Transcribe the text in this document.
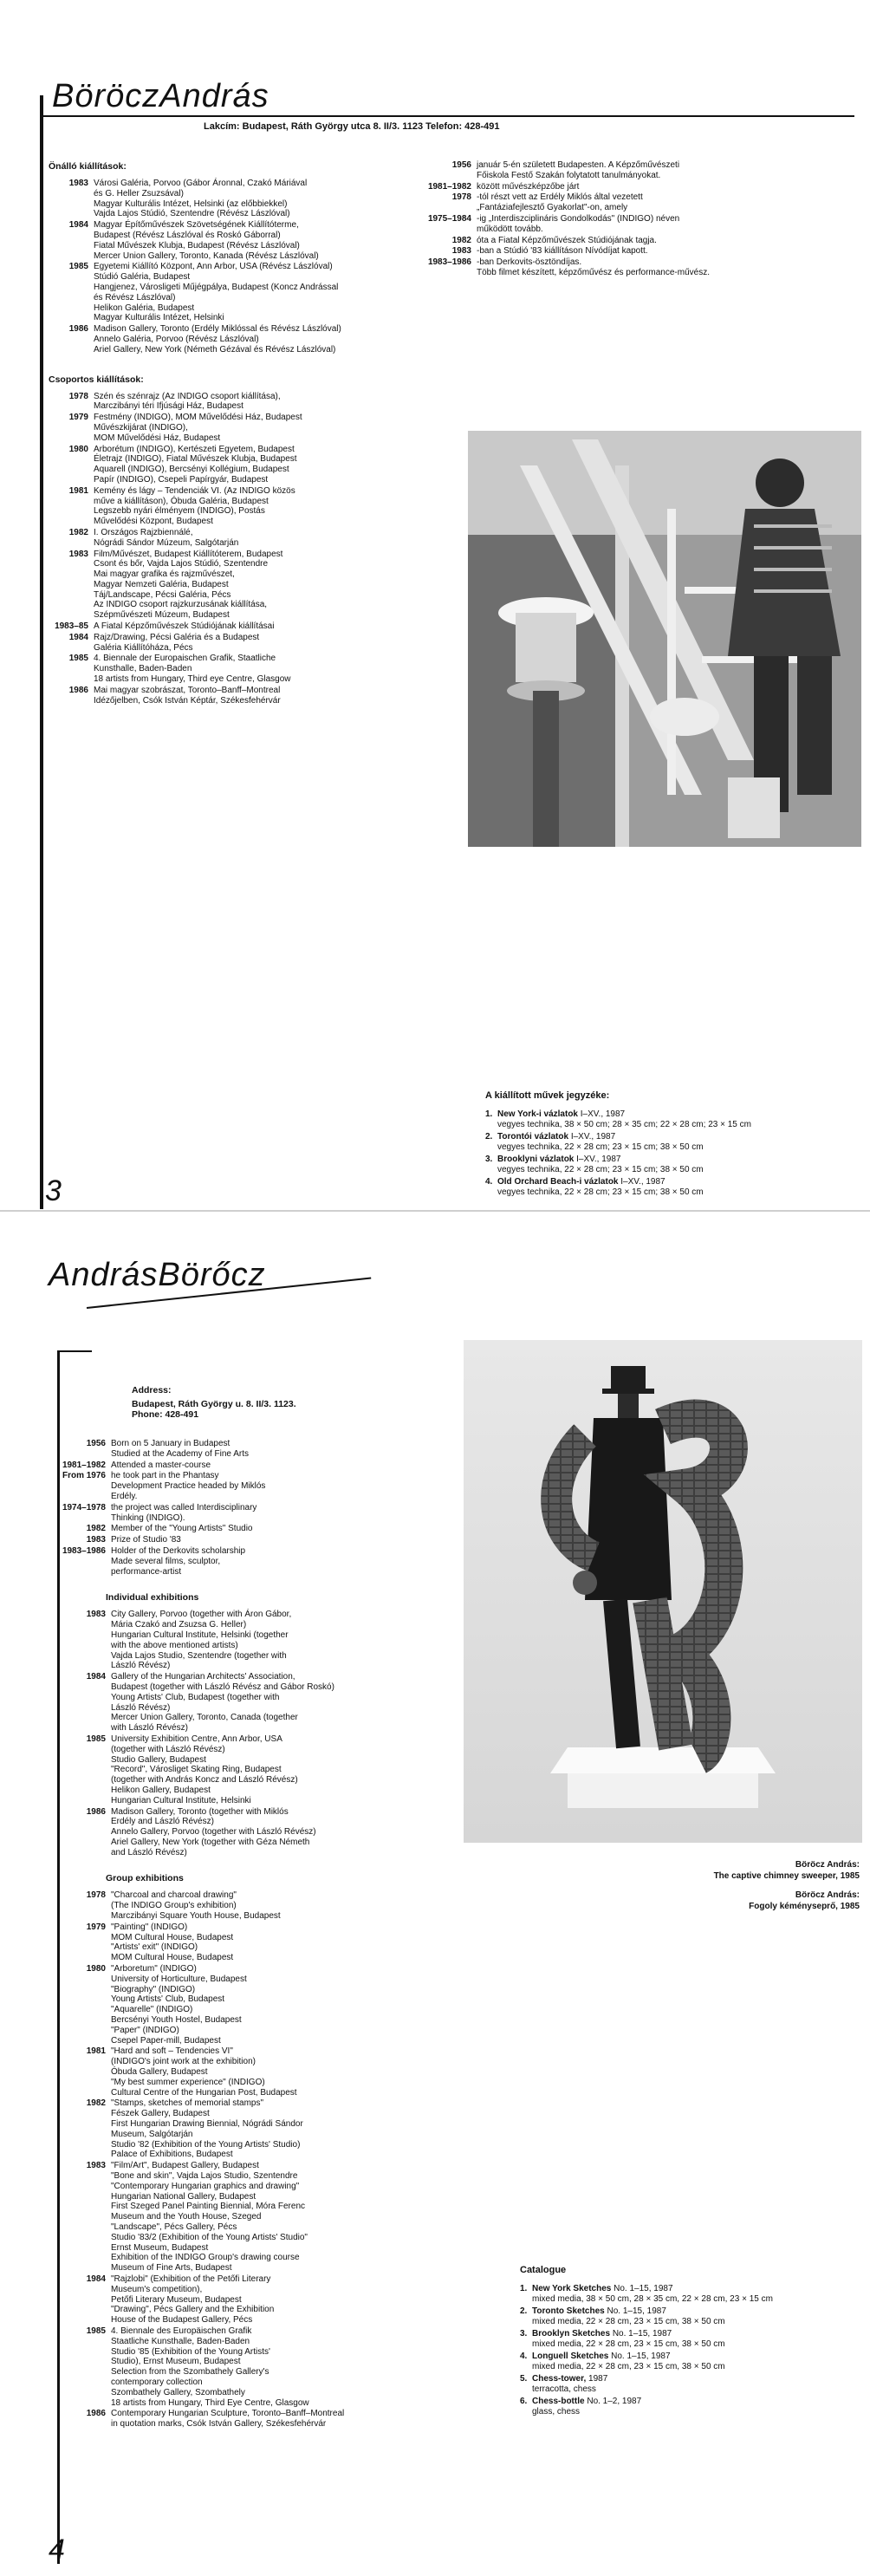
BöröczAndrás
Lakcím: Budapest, Ráth György utca 8. II/3. 1123 Telefon: 428-491
Önálló kiállítások:
1983 Városi Galéria, Porvoo (Gábor Áronnal, Czakó Máriával
és G. Heller Zsuzsával)
Magyar Kulturális Intézet, Helsinki (az előbbiekkel)
Vajda Lajos Stúdió, Szentendre (Révész Lászlóval)
1984 Magyar Építőművészek Szövetségének Kiállítóterme,
Budapest (Révész Lászlóval és Roskó Gáborral)
Fiatal Művészek Klubja, Budapest (Révész Lászlóval)
Mercer Union Gallery, Toronto, Kanada (Révész Lászlóval)
1985 Egyetemi Kiállító Központ, Ann Arbor, USA (Révész Lászlóval)
Stúdió Galéria, Budapest
Hangjenez, Városligeti Műjégpálya, Budapest (Koncz Andrással
és Révész Lászlóval)
Helikon Galéria, Budapest
Magyar Kulturális Intézet, Helsinki
1986 Madison Gallery, Toronto (Erdély Miklóssal és Révész Lászlóval)
Annelo Galéria, Porvoo (Révész Lászlóval)
Ariel Gallery, New York (Németh Gézával és Révész Lászlóval)
Csoportos kiállítások:
1978 Szén és szénrajz (Az INDIGO csoport kiállítása),
Marczibányi téri Ifjúsági Ház, Budapest
1979 Festmény (INDIGO), MOM Művelődési Ház, Budapest
Művészkijárat (INDIGO),
MOM Művelődési Ház, Budapest
1980 Arborétum (INDIGO), Kertészeti Egyetem, Budapest
Életrajz (INDIGO), Fiatal Művészek Klubja, Budapest
Aquarell (INDIGO), Bercsényi Kollégium, Budapest
Papír (INDIGO), Csepeli Papírgyár, Budapest
1981 Kemény és lágy – Tendenciák VI. (Az INDIGO közös
műve a kiállításon), Óbuda Galéria, Budapest
Legszebb nyári élményem (INDIGO), Postás
Művelődési Központ, Budapest
1982 I. Országos Rajzbiennálé,
Nógrádi Sándor Múzeum, Salgótarján
1983 Film/Művészet, Budapest Kiállítóterem, Budapest
Csont és bőr, Vajda Lajos Stúdió, Szentendre
Mai magyar grafika és rajzművészet,
Magyar Nemzeti Galéria, Budapest
Táj/Landscape, Pécsi Galéria, Pécs
Az INDIGO csoport rajzkurzusának kiállítása,
Szépművészeti Múzeum, Budapest
1983–85 A Fiatal Képzőművészek Stúdiójának kiállításai
1984 Rajz/Drawing, Pécsi Galéria és a Budapest
Galéria Kiállítóháza, Pécs
1985 4. Biennale der Europaischen Grafik, Staatliche
Kunsthalle, Baden-Baden
18 artists from Hungary, Third eye Centre, Glasgow
1986 Mai magyar szobrászat, Toronto–Banff–Montreal
Idézőjelben, Csók István Képtár, Székesfehérvár
1956 január 5-én született Budapesten. A Képzőművészeti
Főiskola Festő Szakán folytatott tanulmányokat.
1981–1982 között művészképzőbe járt
1978 -tól részt vett az Erdély Miklós által vezetett
„Fantáziafejlesztő Gyakorlat"-on, amely
1975–1984 -ig „Interdiszciplináris Gondolkodás" (INDIGO) néven
működött tovább.
1982 óta a Fiatal Képzőművészek Stúdiójának tagja.
1983 -ban a Stúdió '83 kiállításon Nívódíjat kapott.
1983–1986 -ban Derkovits-ösztöndíjas.
Több filmet készített, képzőművész és performance-művész.
A kiállított művek jegyzéke:
1. New York-i vázlatok I–XV., 1987
vegyes technika, 38 × 50 cm; 28 × 35 cm; 22 × 28 cm; 23 × 15 cm
2. Torontói vázlatok I–XV., 1987
vegyes technika, 22 × 28 cm; 23 × 15 cm; 38 × 50 cm
3. Brooklyni vázlatok I–XV., 1987
vegyes technika, 22 × 28 cm; 23 × 15 cm; 38 × 50 cm
4. Old Orchard Beach-i vázlatok I–XV., 1987
vegyes technika, 22 × 28 cm; 23 × 15 cm; 38 × 50 cm
3
AndrásBörőcz
Address:
Budapest, Ráth György u. 8. II/3. 1123.
Phone: 428-491
1956 Born on 5 January in Budapest
Studied at the Academy of Fine Arts
1981–1982 Attended a master-course
From 1976 he took part in the Phantasy
Development Practice headed by Miklós
Erdély.
1974–1978 the project was called Interdisciplinary
Thinking (INDIGO).
1982 Member of the "Young Artists" Studio
1983 Prize of Studio '83
1983–1986 Holder of the Derkovits scholarship
Made several films, sculptor,
performance-artist
Individual exhibitions
1983 City Gallery, Porvoo (together with Áron Gábor,
Mária Czakó and Zsuzsa G. Heller)
Hungarian Cultural Institute, Helsinki (together
with the above mentioned artists)
Vajda Lajos Studio, Szentendre (together with
László Révész)
1984 Gallery of the Hungarian Architects' Association,
Budapest (together with László Révész and Gábor Roskó)
Young Artists' Club, Budapest (together with
László Révész)
Mercer Union Gallery, Toronto, Canada (together
with László Révész)
1985 University Exhibition Centre, Ann Arbor, USA
(together with László Révész)
Studio Gallery, Budapest
"Record", Városliget Skating Ring, Budapest
(together with András Koncz and László Révész)
Helikon Gallery, Budapest
Hungarian Cultural Institute, Helsinki
1986 Madison Gallery, Toronto (together with Miklós
Erdély and László Révész)
Annelo Gallery, Porvoo (together with László Révész)
Ariel Gallery, New York (together with Géza Németh
and László Révész)
Group exhibitions
1978 "Charcoal and charcoal drawing"
(The INDIGO Group's exhibition)
Marczibányi Square Youth House, Budapest
1979 "Painting" (INDIGO)
MOM Cultural House, Budapest
"Artists' exit" (INDIGO)
MOM Cultural House, Budapest
1980 "Arboretum" (INDIGO)
University of Horticulture, Budapest
"Biography" (INDIGO)
Young Artists' Club, Budapest
"Aquarelle" (INDIGO)
Bercsényi Youth Hostel, Budapest
"Paper" (INDIGO)
Csepel Paper-mill, Budapest
1981 "Hard and soft – Tendencies VI"
(INDIGO's joint work at the exhibition)
Óbuda Gallery, Budapest
"My best summer experience" (INDIGO)
Cultural Centre of the Hungarian Post, Budapest
1982 "Stamps, sketches of memorial stamps"
Fészek Gallery, Budapest
First Hungarian Drawing Biennial, Nógrádi Sándor
Museum, Salgótarján
Studio '82 (Exhibition of the Young Artists' Studio)
Palace of Exhibitions, Budapest
1983 "Film/Art", Budapest Gallery, Budapest
"Bone and skin", Vajda Lajos Studio, Szentendre
"Contemporary Hungarian graphics and drawing"
Hungarian National Gallery, Budapest
First Szeged Panel Painting Biennial, Móra Ferenc
Museum and the Youth House, Szeged
"Landscape", Pécs Gallery, Pécs
Studio '83/2 (Exhibition of the Young Artists' Studio"
Ernst Museum, Budapest
Exhibition of the INDIGO Group's drawing course
Museum of Fine Arts, Budapest
1984 "Rajzlobi" (Exhibition of the Petőfi Literary
Museum's competition),
Petőfi Literary Museum, Budapest
"Drawing", Pécs Gallery and the Exhibition
House of the Budapest Gallery, Pécs
1985 4. Biennale des Europäischen Grafik
Staatliche Kunsthalle, Baden-Baden
Studio '85 (Exhibition of the Young Artists'
Studio), Ernst Museum, Budapest
Selection from the Szombathely Gallery's
contemporary collection
Szombathely Gallery, Szombathely
18 artists from Hungary, Third Eye Centre, Glasgow
1986 Contemporary Hungarian Sculpture, Toronto–Banff–Montreal
in quotation marks, Csók István Gallery, Székesfehérvár
Böröcz András:
The captive chimney sweeper, 1985
Böröcz András:
Fogoly kéményseprő, 1985
Catalogue
1. New York Sketches No. 1–15, 1987
mixed media, 38 × 50 cm, 28 × 35 cm, 22 × 28 cm, 23 × 15 cm
2. Toronto Sketches No. 1–15, 1987
mixed media, 22 × 28 cm, 23 × 15 cm, 38 × 50 cm
3. Brooklyn Sketches No. 1–15, 1987
mixed media, 22 × 28 cm, 23 × 15 cm, 38 × 50 cm
4. Longuell Sketches No. 1–15, 1987
mixed media, 22 × 28 cm, 23 × 15 cm, 38 × 50 cm
5. Chess-tower, 1987
terracotta, chess
6. Chess-bottle No. 1–2, 1987
glass, chess
4
